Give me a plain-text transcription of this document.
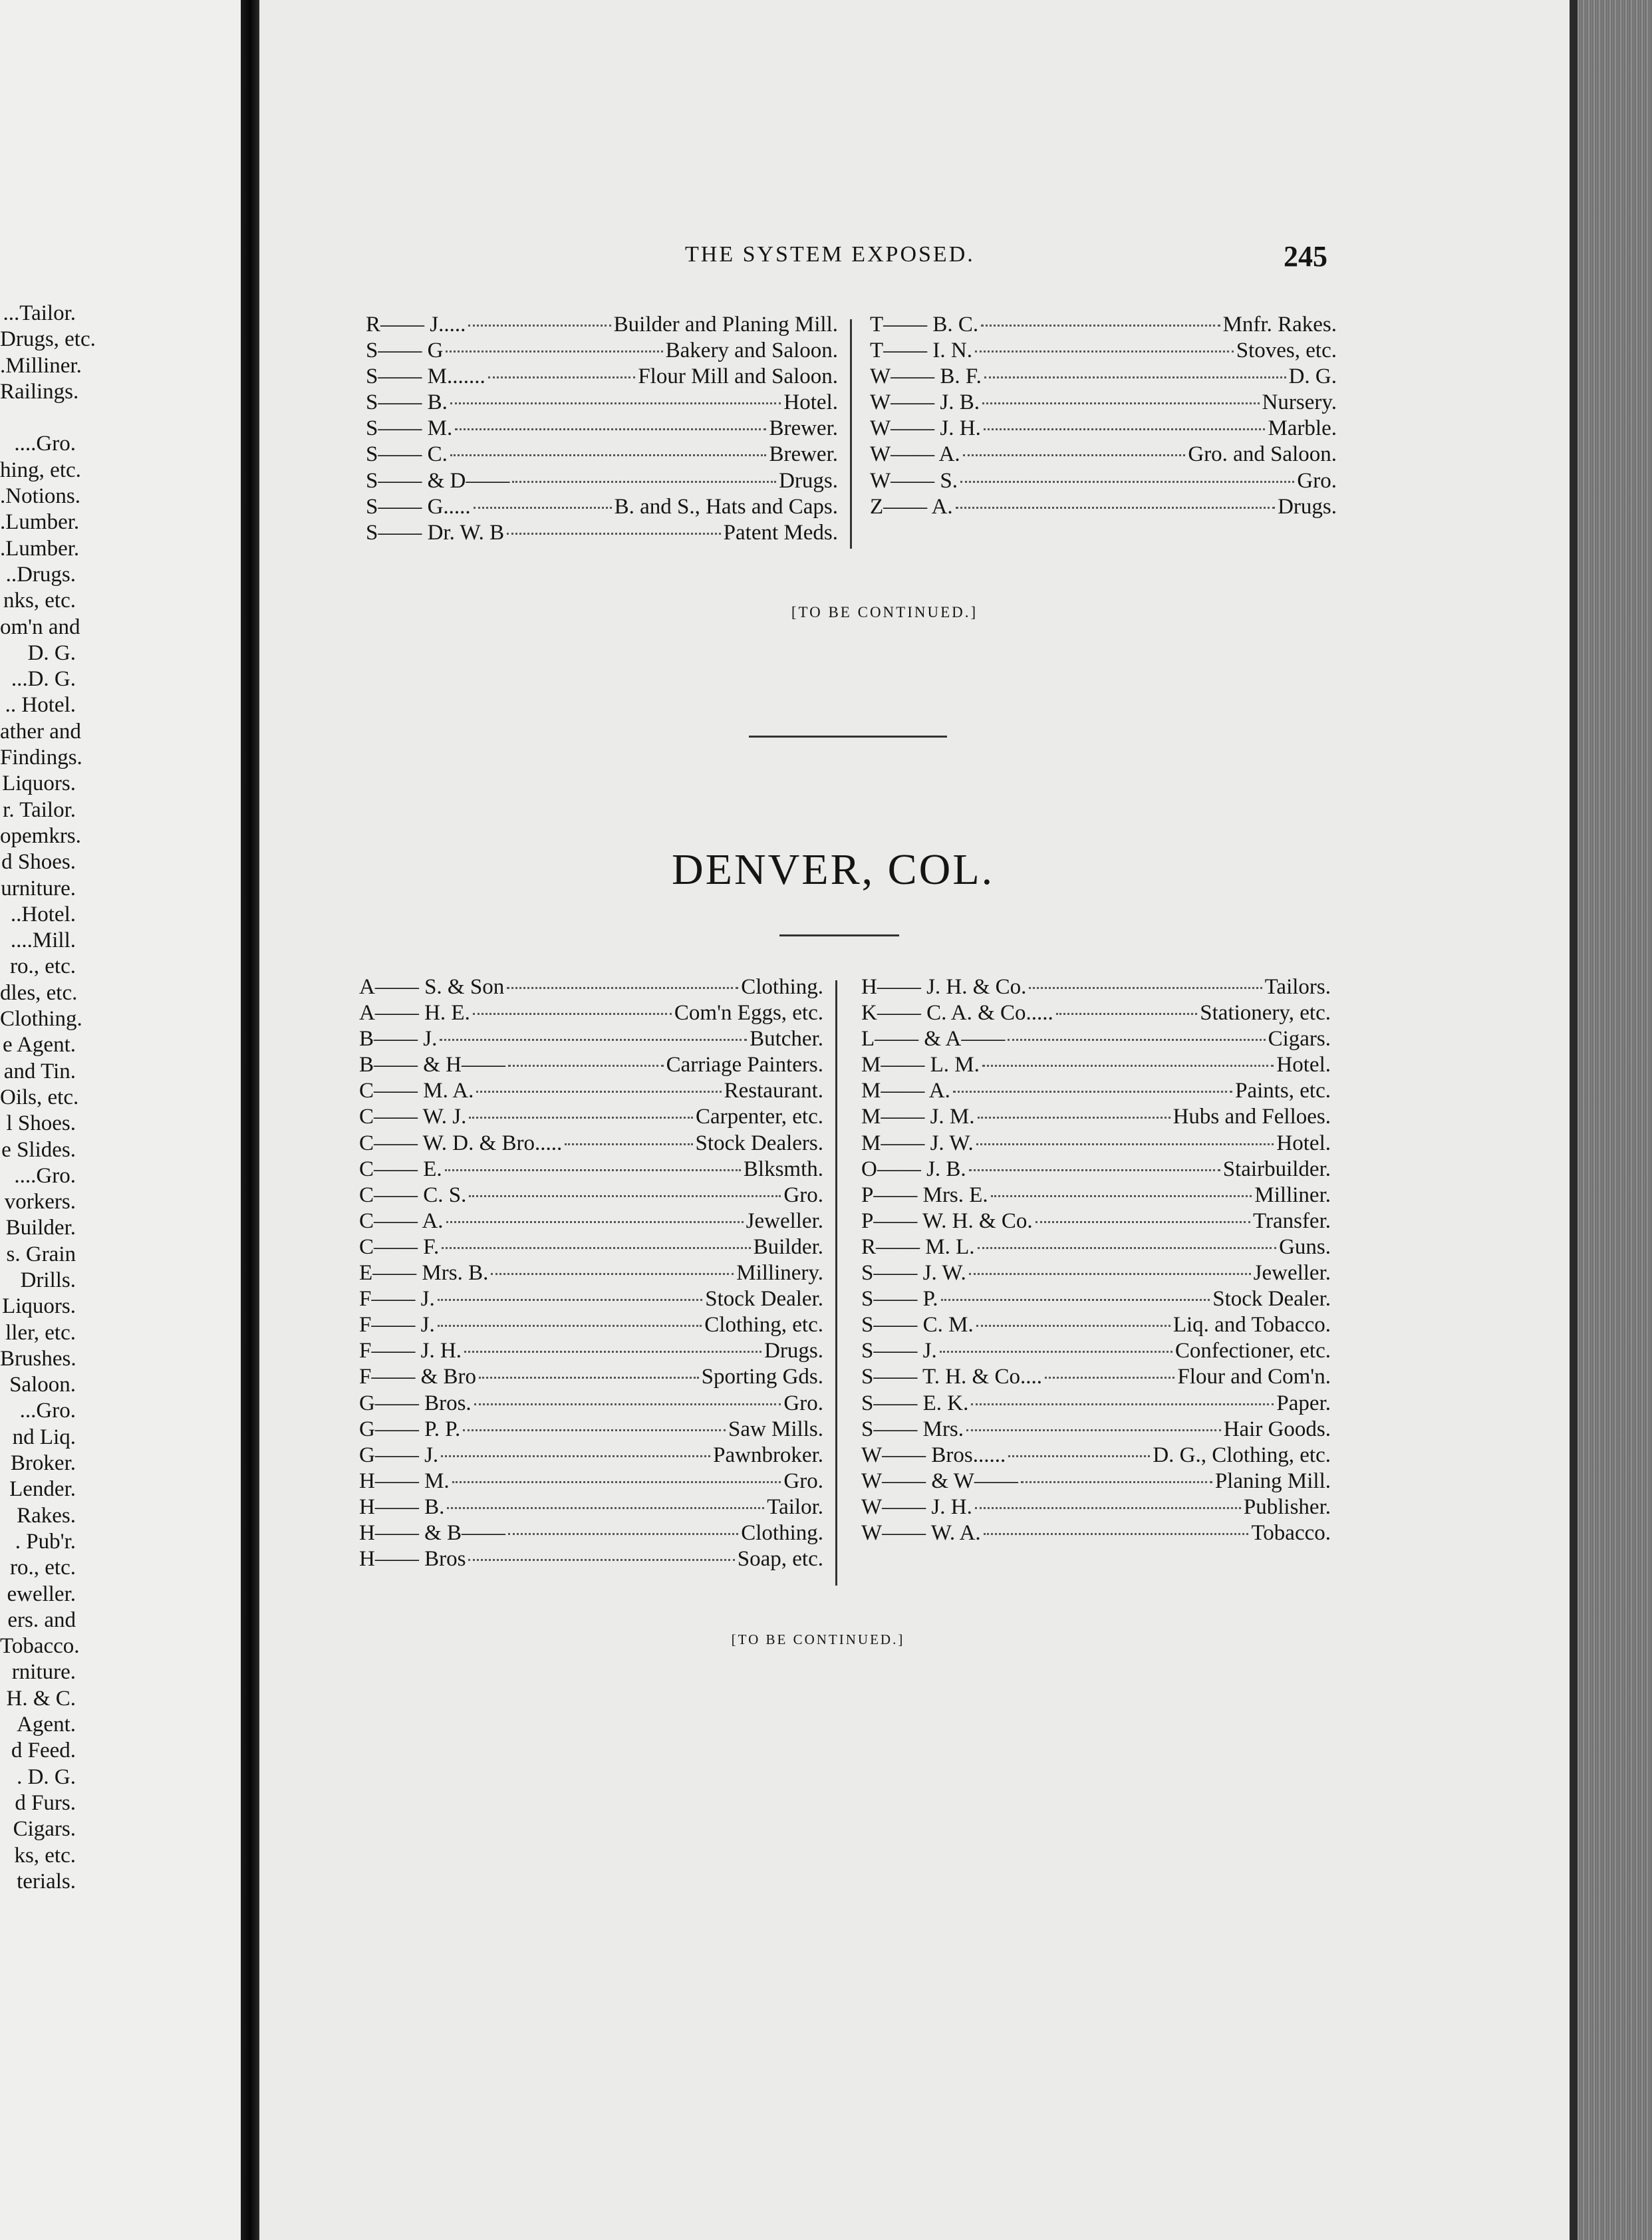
...Tailor.
Drugs, etc.
.Milliner.
Railings.
....Gro.
hing, etc.
.Notions.
.Lumber.
.Lumber.
..Drugs.
nks, etc.
om'n and
D. G.
...D. G.
.. Hotel.
ather and
Findings.
Liquors.
r. Tailor.
opemkrs.
d Shoes.
urniture.
..Hotel.
....Mill.
ro., etc.
dles, etc.
Clothing.
e Agent.
and Tin.
Oils, etc.
l Shoes.
e Slides.
....Gro.
vorkers.
Builder.
s. Grain
Drills.
Liquors.
ller, etc.
Brushes.
Saloon.
...Gro.
nd Liq.
Broker.
Lender.
Rakes.
. Pub'r.
ro., etc.
eweller.
ers. and
Tobacco.
rniture.
H. & C.
Agent.
d Feed.
. D. G.
d Furs.
Cigars.
ks, etc.
terials.
THE SYSTEM EXPOSED.	245
R—— J.....	Builder and Planing Mill.
S—— G	Bakery and Saloon.
S—— M.......	Flour Mill and Saloon.
S—— B.	Hotel.
S—— M.	Brewer.
S—— C.	Brewer.
S—— & D——	Drugs.
S—— G.....	B. and S., Hats and Caps.
S—— Dr. W. B	Patent Meds.
T—— B. C.	Mnfr. Rakes.
T—— I. N.	Stoves, etc.
W—— B. F.	D. G.
W—— J. B.	Nursery.
W—— J. H.	Marble.
W—— A.	Gro. and Saloon.
W—— S.	Gro.
Z—— A.	Drugs.
[TO BE CONTINUED.]
DENVER, COL.
A—— S. & Son	Clothing.
A—— H. E.	Com'n Eggs, etc.
B—— J.	Butcher.
B—— & H——	Carriage Painters.
C—— M. A.	Restaurant.
C—— W. J.	Carpenter, etc.
C—— W. D. & Bro.....	Stock Dealers.
C—— E.	Blksmth.
C—— C. S.	Gro.
C—— A.	Jeweller.
C—— F.	Builder.
E—— Mrs. B.	Millinery.
F—— J.	Stock Dealer.
F—— J.	Clothing, etc.
F—— J. H.	Drugs.
F—— & Bro	Sporting Gds.
G—— Bros.	Gro.
G—— P. P.	Saw Mills.
G—— J.	Pawnbroker.
H—— M.	Gro.
H—— B.	Tailor.
H—— & B——	Clothing.
H—— Bros	Soap, etc.
H—— J. H. & Co.	Tailors.
K—— C. A. & Co.....	Stationery, etc.
L—— & A——	Cigars.
M—— L. M.	Hotel.
M—— A.	Paints, etc.
M—— J. M.	Hubs and Felloes.
M—— J. W.	Hotel.
O—— J. B.	Stairbuilder.
P—— Mrs. E.	Milliner.
P—— W. H. & Co.	Transfer.
R—— M. L.	Guns.
S—— J. W.	Jeweller.
S—— P.	Stock Dealer.
S—— C. M.	Liq. and Tobacco.
S—— J.	Confectioner, etc.
S—— T. H. & Co....	Flour and Com'n.
S—— E. K.	Paper.
S—— Mrs.	Hair Goods.
W—— Bros......	D. G., Clothing, etc.
W—— & W——	Planing Mill.
W—— J. H.	Publisher.
W—— W. A.	Tobacco.
[TO BE CONTINUED.]
